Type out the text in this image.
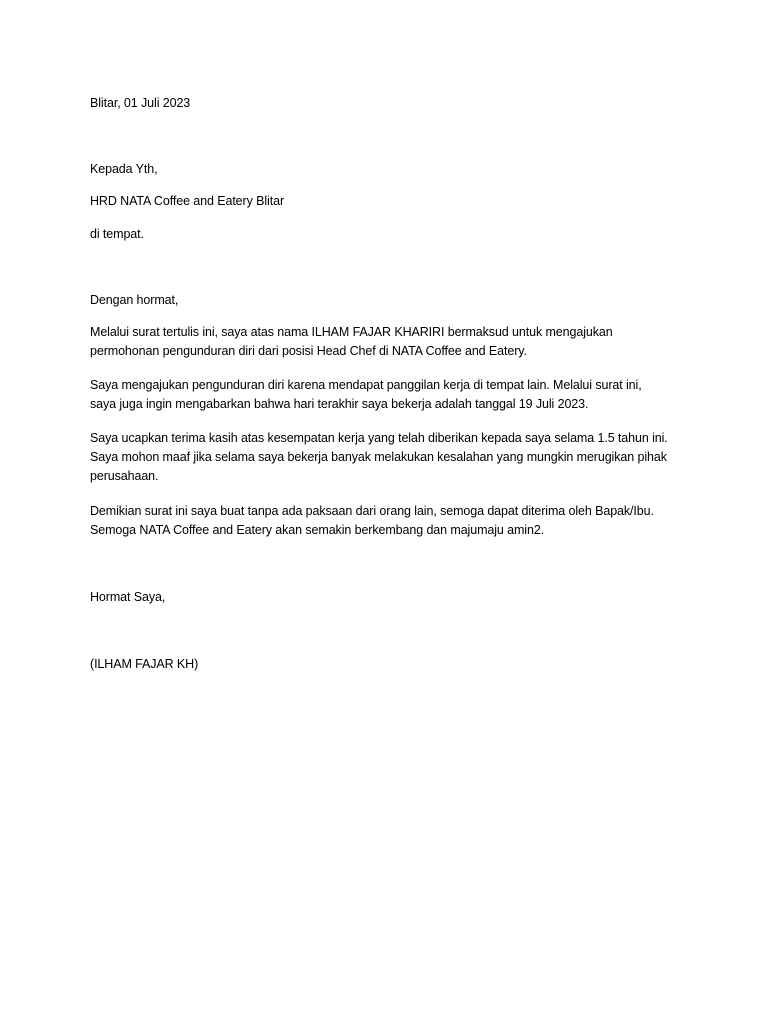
Blitar, 01 Juli 2023
Kepada Yth,
HRD NATA Coffee and Eatery Blitar
di tempat.
Dengan hormat,
Melalui surat tertulis ini, saya atas nama ILHAM FAJAR KHARIRI bermaksud untuk mengajukan
permohonan pengunduran diri dari posisi Head Chef di NATA Coffee and Eatery.
Saya mengajukan pengunduran diri karena mendapat panggilan kerja di tempat lain. Melalui surat ini,
saya juga ingin mengabarkan bahwa hari terakhir saya bekerja adalah tanggal 19 Juli 2023.
Saya ucapkan terima kasih atas kesempatan kerja yang telah diberikan kepada saya selama 1.5 tahun ini.
Saya mohon maaf jika selama saya bekerja banyak melakukan kesalahan yang mungkin merugikan pihak
perusahaan.
Demikian surat ini saya buat tanpa ada paksaan dari orang lain, semoga dapat diterima oleh Bapak/Ibu.
Semoga NATA Coffee and Eatery akan semakin berkembang dan majumaju amin2.
Hormat Saya,
(ILHAM FAJAR KH)
